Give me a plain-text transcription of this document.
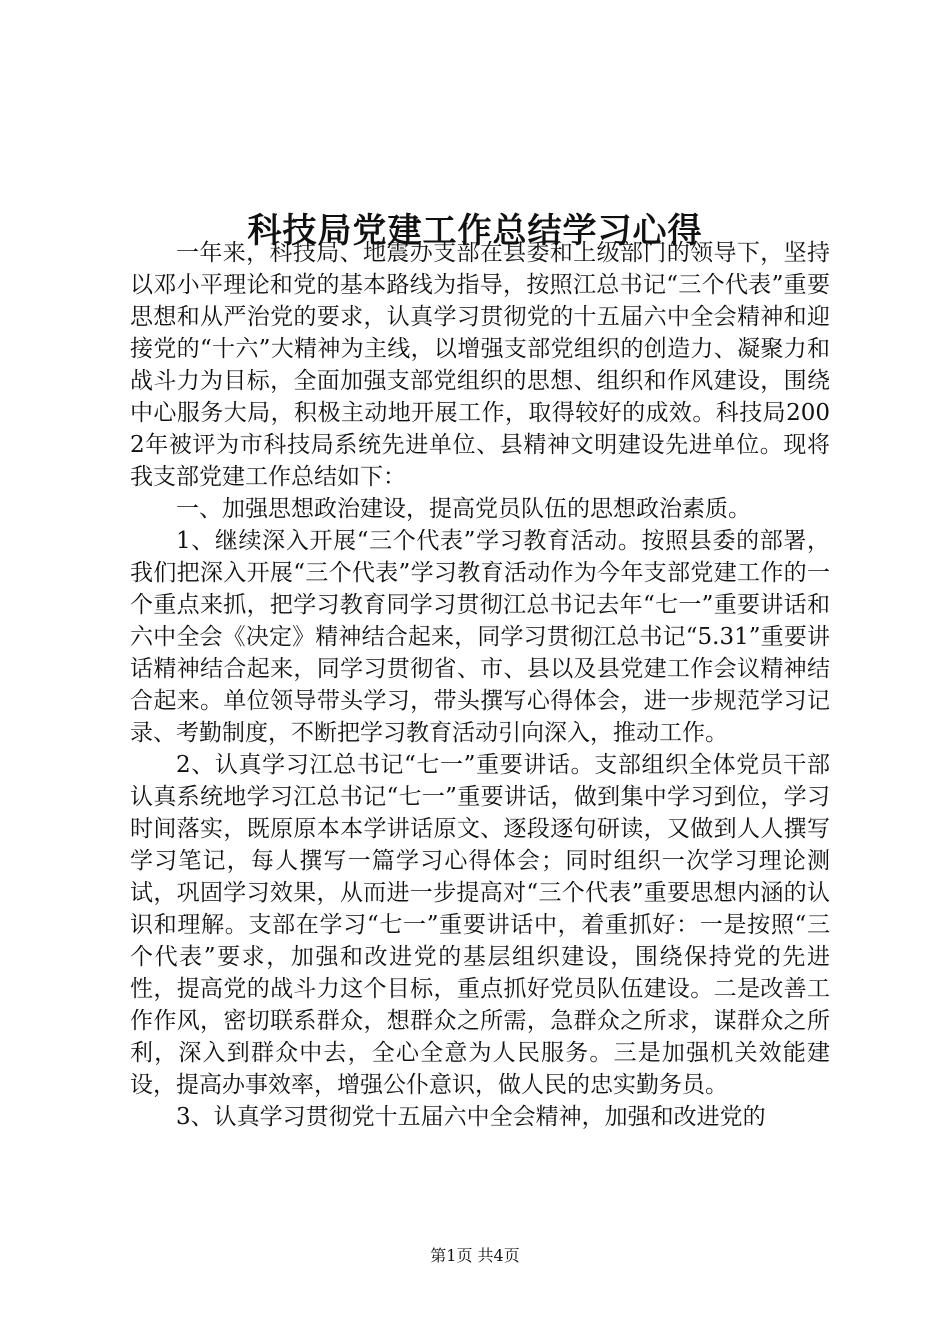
科技局党建工作总结学习心得

一年来，科技局、地震办支部在县委和上级部门的领导下，坚持以邓小平理论和党的基本路线为指导，按照江总书记“三个代表”重要思想和从严治党的要求，认真学习贯彻党的十五届六中全会精神和迎接党的“十六”大精神为主线，以增强支部党组织的创造力、凝聚力和战斗力为目标，全面加强支部党组织的思想、组织和作风建设，围绕中心服务大局，积极主动地开展工作，取得较好的成效。科技局2002年被评为市科技局系统先进单位、县精神文明建设先进单位。现将我支部党建工作总结如下：

一、加强思想政治建设，提高党员队伍的思想政治素质。

1、继续深入开展“三个代表”学习教育活动。按照县委的部署，我们把深入开展“三个代表”学习教育活动作为今年支部党建工作的一个重点来抓，把学习教育同学习贯彻江总书记去年“七一”重要讲话和六中全会《决定》精神结合起来，同学习贯彻江总书记“5.31”重要讲话精神结合起来，同学习贯彻省、市、县以及县党建工作会议精神结合起来。单位领导带头学习，带头撰写心得体会，进一步规范学习记录、考勤制度，不断把学习教育活动引向深入，推动工作。

2、认真学习江总书记“七一”重要讲话。支部组织全体党员干部认真系统地学习江总书记“七一”重要讲话，做到集中学习到位，学习时间落实，既原原本本学讲话原文、逐段逐句研读，又做到人人撰写学习笔记，每人撰写一篇学习心得体会；同时组织一次学习理论测试，巩固学习效果，从而进一步提高对“三个代表”重要思想内涵的认识和理解。支部在学习“七一”重要讲话中，着重抓好：一是按照“三个代表”要求，加强和改进党的基层组织建设，围绕保持党的先进性，提高党的战斗力这个目标，重点抓好党员队伍建设。二是改善工作作风，密切联系群众，想群众之所需，急群众之所求，谋群众之所利，深入到群众中去，全心全意为人民服务。三是加强机关效能建设，提高办事效率，增强公仆意识，做人民的忠实勤务员。

3、认真学习贯彻党十五届六中全会精神，加强和改进党的

第1页 共4页
